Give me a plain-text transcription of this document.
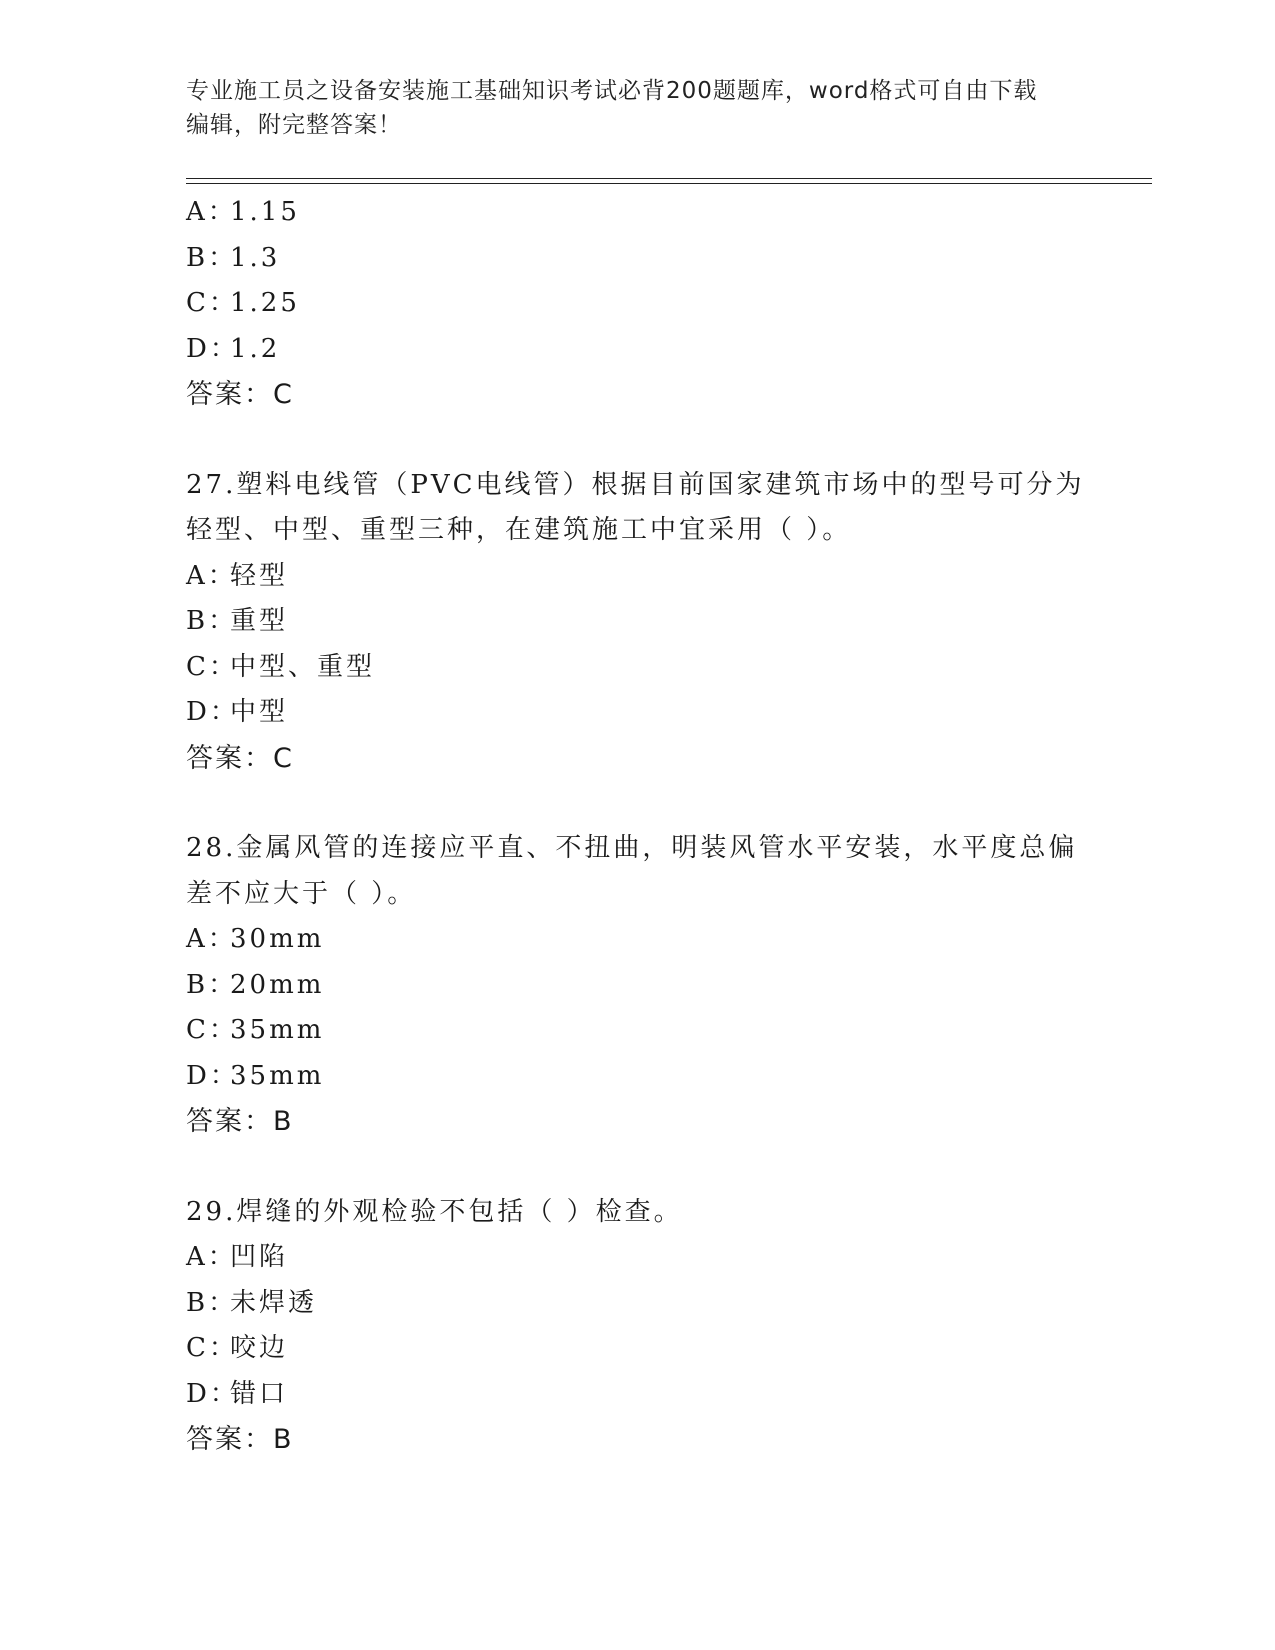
专业施工员之设备安装施工基础知识考试必背200题题库，word格式可自由下载
编辑，附完整答案！
A：1.15
B：1.3
C：1.25
D：1.2
答案：C
27.塑料电线管（PVC电线管）根据目前国家建筑市场中的型号可分为
轻型、中型、重型三种，在建筑施工中宜采用（ ）。
A：轻型
B：重型
C：中型、重型
D：中型
答案：C
28.金属风管的连接应平直、不扭曲，明装风管水平安装，水平度总偏
差不应大于（ ）。
A：30mm
B：20mm
C：35mm
D：35mm
答案：B
29.焊缝的外观检验不包括（ ）检查。
A：凹陷
B：未焊透
C：咬边
D：错口
答案：B
